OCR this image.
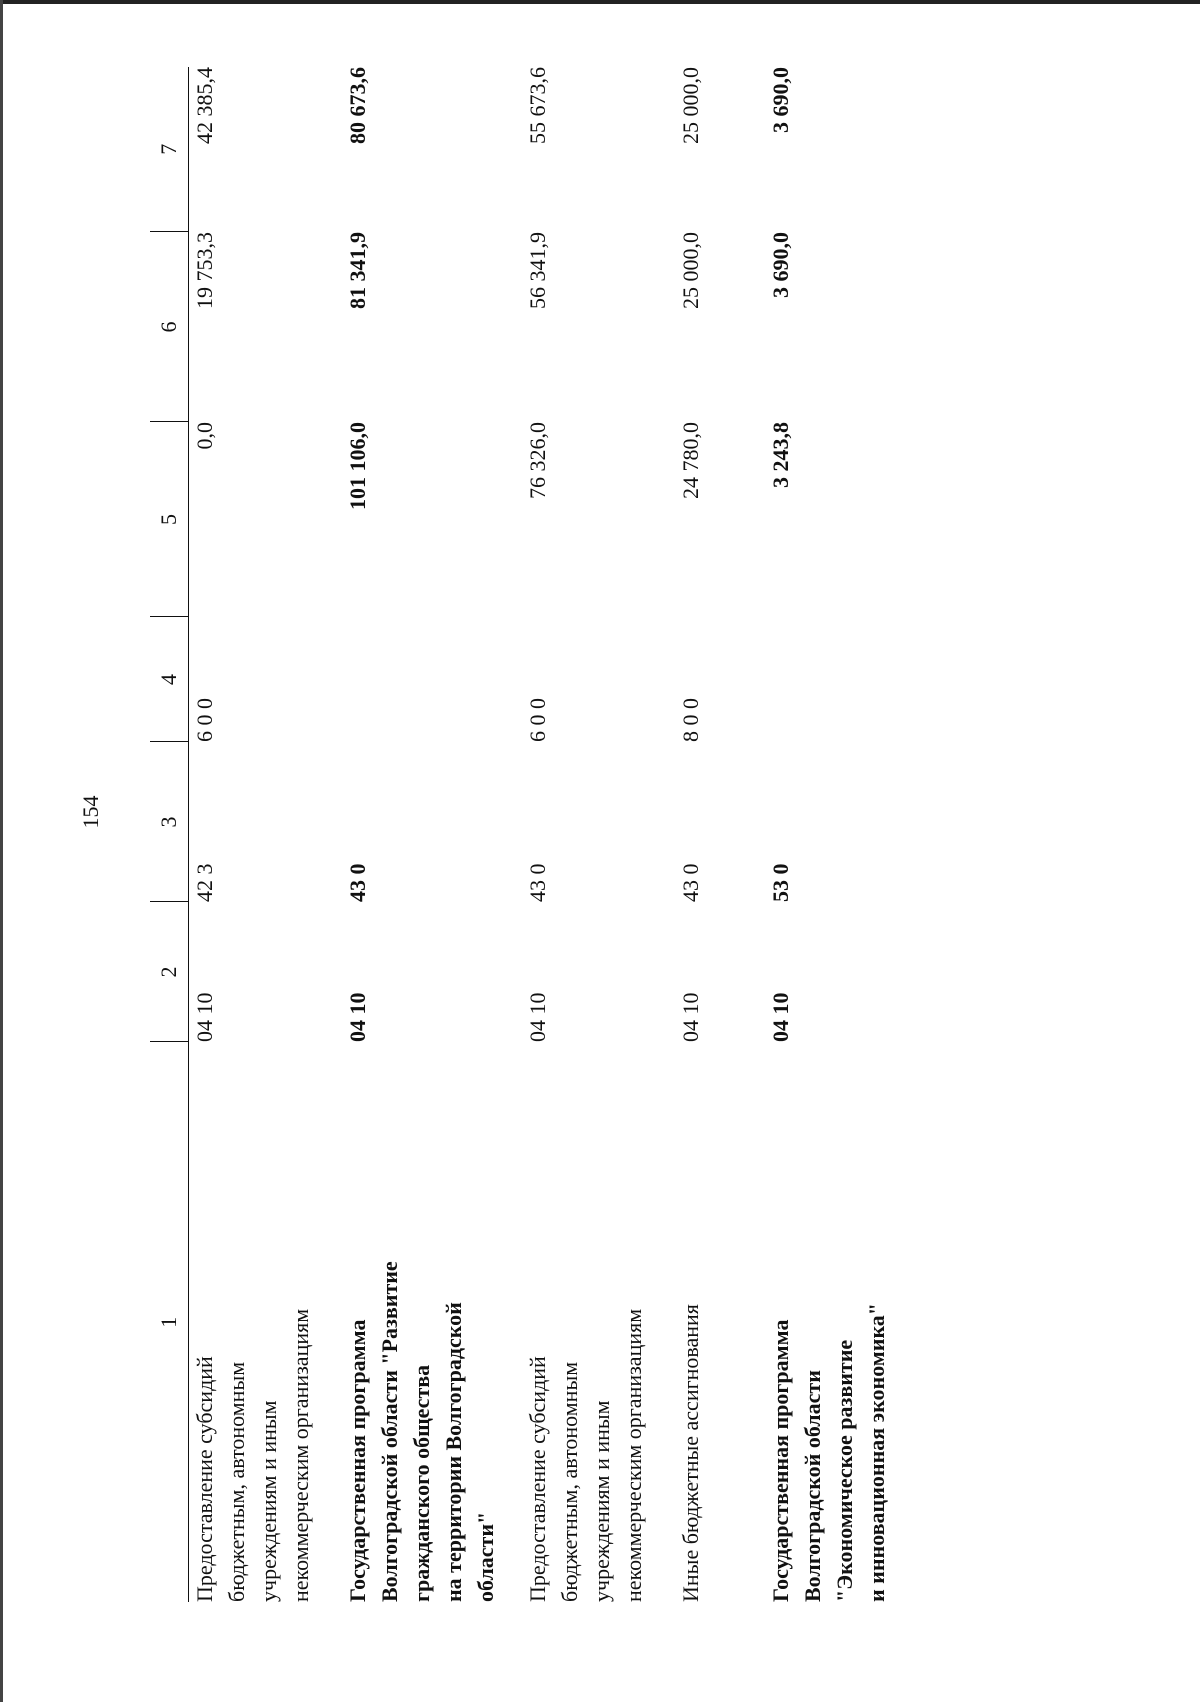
154
1	2	3	4	5	6	7

Предоставление субсидий бюджетным, автономным учреждениям и иным некоммерческим организациям	04 10	42 3	6 0 0	0,0	19 753,3	42 385,4

Государственная программа Волгоградской области "Развитие гражданского общества на территории Волгоградской области"	04 10	43 0		101 106,0	81 341,9	80 673,6

Предоставление субсидий бюджетным, автономным учреждениям и иным некоммерческим организациям	04 10	43 0	6 0 0	76 326,0	56 341,9	55 673,6

Иные бюджетные ассигнования	04 10	43 0	8 0 0	24 780,0	25 000,0	25 000,0

Государственная программа Волгоградской области "Экономическое развитие и инновационная экономика"	04 10	53 0		3 243,8	3 690,0	3 690,0
